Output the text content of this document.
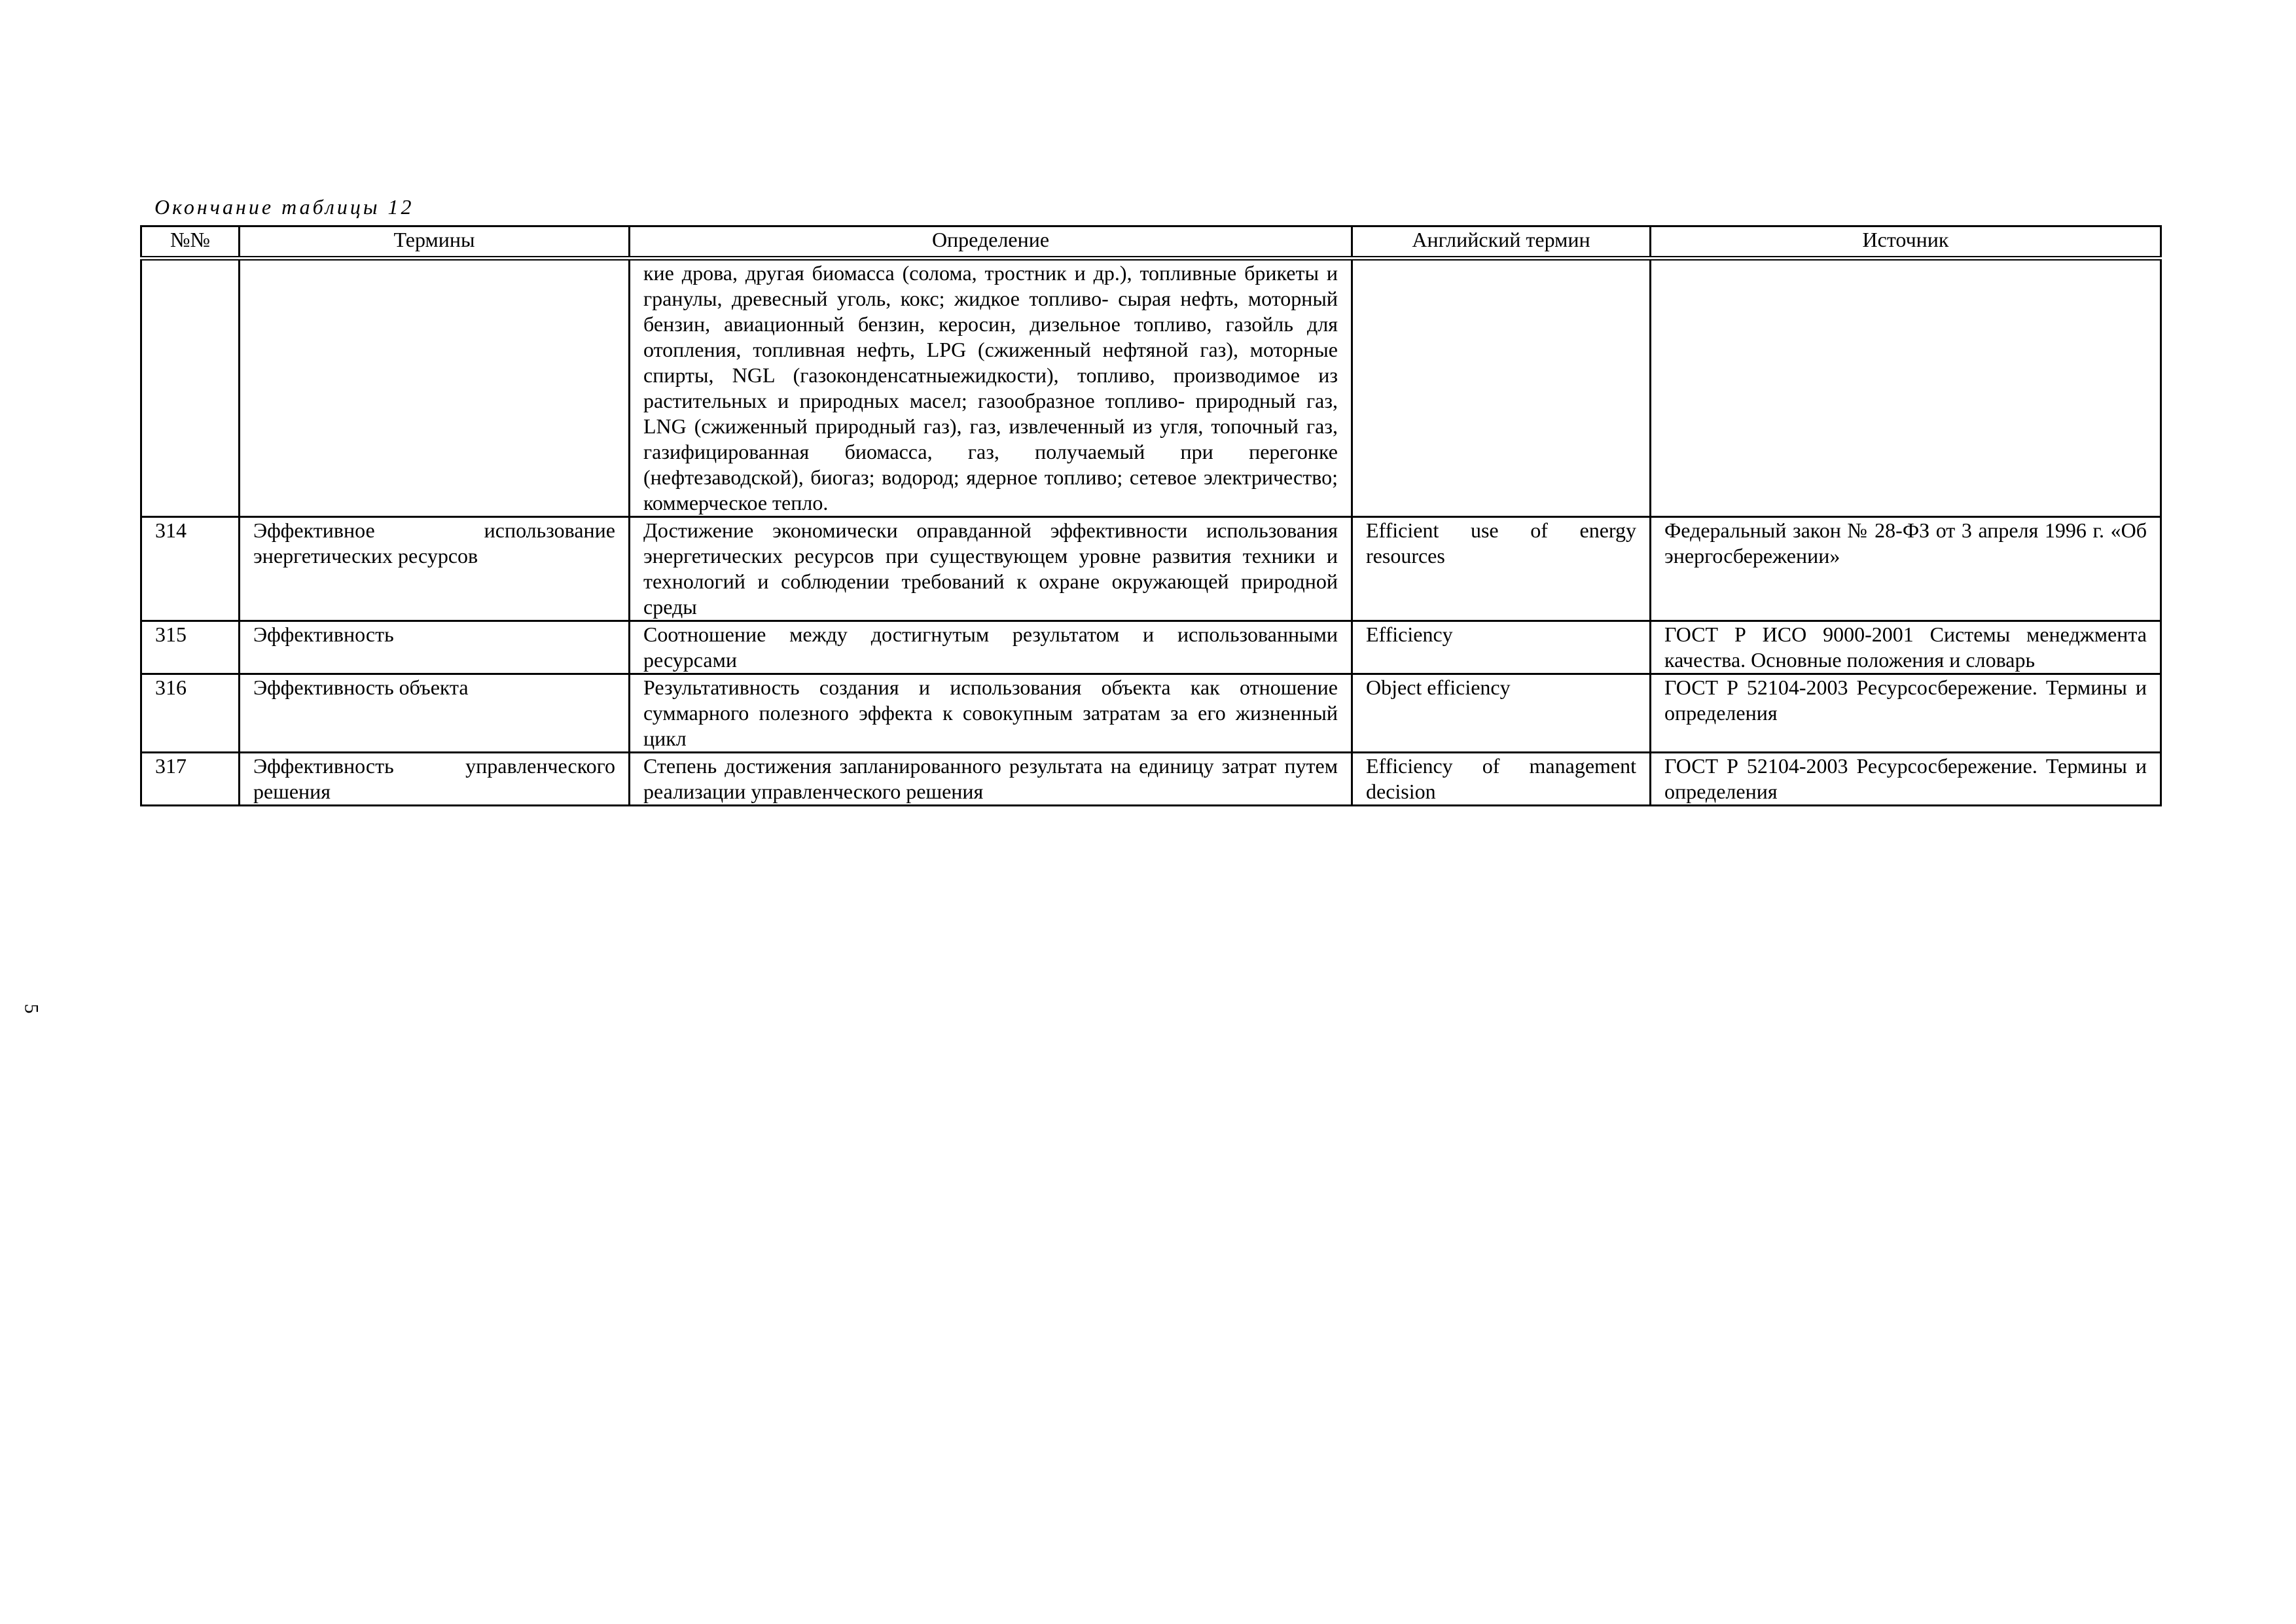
Окончание таблицы 12
№№	Термины	Определение	Английский термин	Источник
		кие дрова, другая биомасса (солома, тростник и др.), топливные брикеты и гранулы, древесный уголь, кокс; жидкое топливо- сырая нефть, моторный бензин, авиационный бензин, керосин, дизельное топливо, газойль для отопления, топливная нефть, LPG (сжиженный нефтяной газ), моторные спирты, NGL (газоконденсатныежидкости), топливо, производимое из растительных и природных масел; газообразное топливо- природный газ, LNG (сжиженный природный газ), газ, извлеченный из угля, топочный газ, газифицированная биомасса, газ, получаемый при перегонке (нефтезаводской), биогаз; водород; ядерное топливо; сетевое электричество; коммерческое тепло.		
314	Эффективное использование энергетических ресурсов	Достижение экономически оправданной эффективности использования энергетических ресурсов при существующем уровне развития техники и технологий и соблюдении требований к охране окружающей природной среды	Efficient use of energy resources	Федеральный закон № 28-ФЗ от 3 апреля 1996 г. «Об энергосбережении»
315	Эффективность	Соотношение между достигнутым результатом и использованными ресурсами	Efficiency	ГОСТ Р ИСО 9000-2001 Системы менеджмента качества. Основные положения и словарь
316	Эффективность объекта	Результативность создания и использования объекта как отношение суммарного полезного эффекта к совокупным затратам за его жизненный цикл	Object efficiency	ГОСТ Р 52104-2003 Ресурсосбережение. Термины и определения
317	Эффективность управленческого решения	Степень достижения запланированного результата на единицу затрат путем реализации управленческого решения	Efficiency of management decision	ГОСТ Р 52104-2003 Ресурсосбережение. Термины и определения
5
